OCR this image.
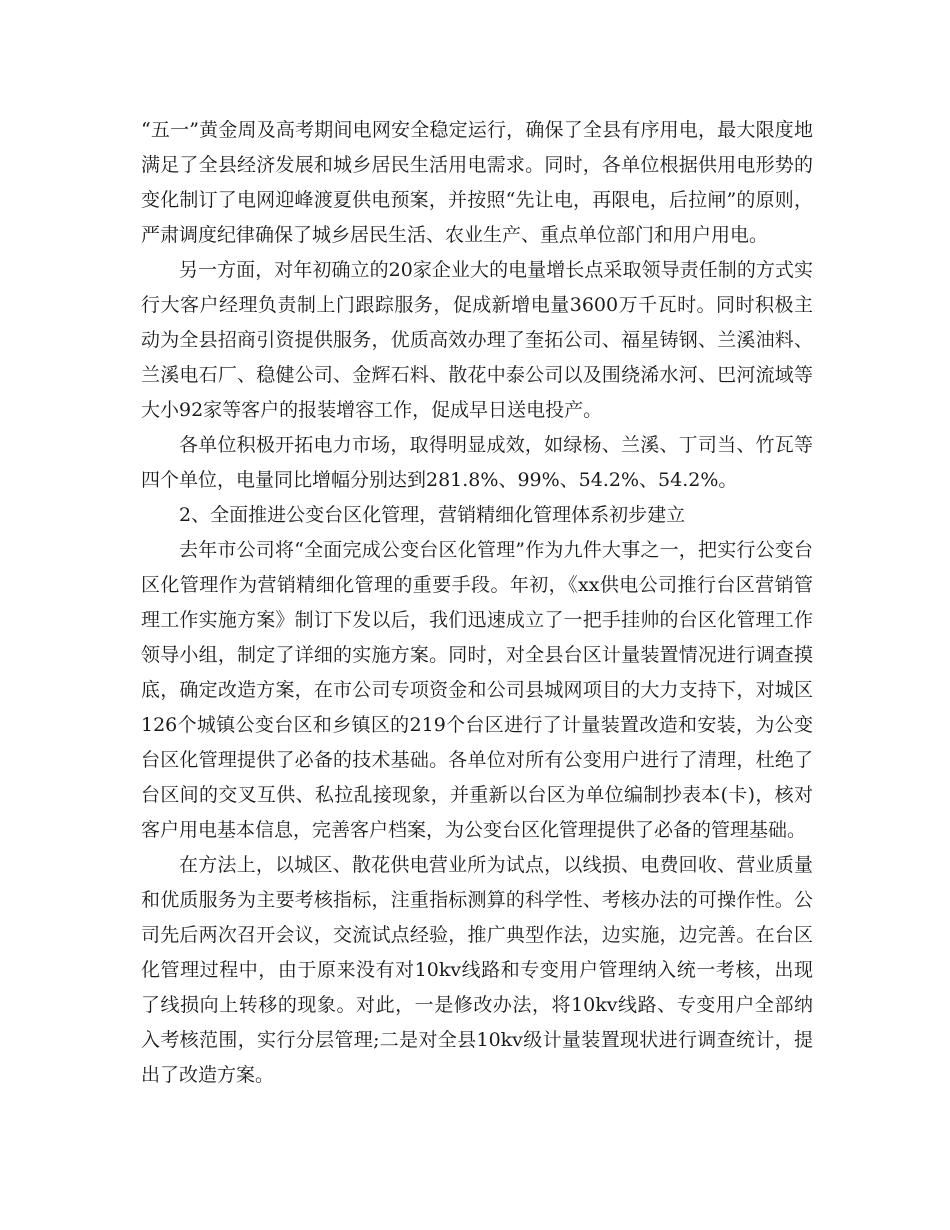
“五一”黄金周及高考期间电网安全稳定运行，确保了全县有序用电，最大限度地满足了全县经济发展和城乡居民生活用电需求。同时，各单位根据供用电形势的变化制订了电网迎峰渡夏供电预案，并按照“先让电，再限电，后拉闸”的原则，严肃调度纪律确保了城乡居民生活、农业生产、重点单位部门和用户用电。

另一方面，对年初确立的20家企业大的电量增长点采取领导责任制的方式实行大客户经理负责制上门跟踪服务，促成新增电量3600万千瓦时。同时积极主动为全县招商引资提供服务，优质高效办理了奎拓公司、福星铸钢、兰溪油料、兰溪电石厂、稳健公司、金辉石料、散花中泰公司以及围绕浠水河、巴河流域等大小92家等客户的报装增容工作，促成早日送电投产。

各单位积极开拓电力市场，取得明显成效，如绿杨、兰溪、丁司当、竹瓦等四个单位，电量同比增幅分别达到281.8%、99%、54.2%、54.2%。

2、全面推进公变台区化管理，营销精细化管理体系初步建立

去年市公司将“全面完成公变台区化管理”作为九件大事之一，把实行公变台区化管理作为营销精细化管理的重要手段。年初，《xx供电公司推行台区营销管理工作实施方案》制订下发以后，我们迅速成立了一把手挂帅的台区化管理工作领导小组，制定了详细的实施方案。同时，对全县台区计量装置情况进行调查摸底，确定改造方案，在市公司专项资金和公司县城网项目的大力支持下，对城区126个城镇公变台区和乡镇区的219个台区进行了计量装置改造和安装，为公变台区化管理提供了必备的技术基础。各单位对所有公变用户进行了清理，杜绝了台区间的交叉互供、私拉乱接现象，并重新以台区为单位编制抄表本(卡)，核对客户用电基本信息，完善客户档案，为公变台区化管理提供了必备的管理基础。

在方法上，以城区、散花供电营业所为试点，以线损、电费回收、营业质量和优质服务为主要考核指标，注重指标测算的科学性、考核办法的可操作性。公司先后两次召开会议，交流试点经验，推广典型作法，边实施，边完善。在台区化管理过程中，由于原来没有对10kv线路和专变用户管理纳入统一考核，出现了线损向上转移的现象。对此，一是修改办法，将10kv线路、专变用户全部纳入考核范围，实行分层管理;二是对全县10kv级计量装置现状进行调查统计，提出了改造方案。
